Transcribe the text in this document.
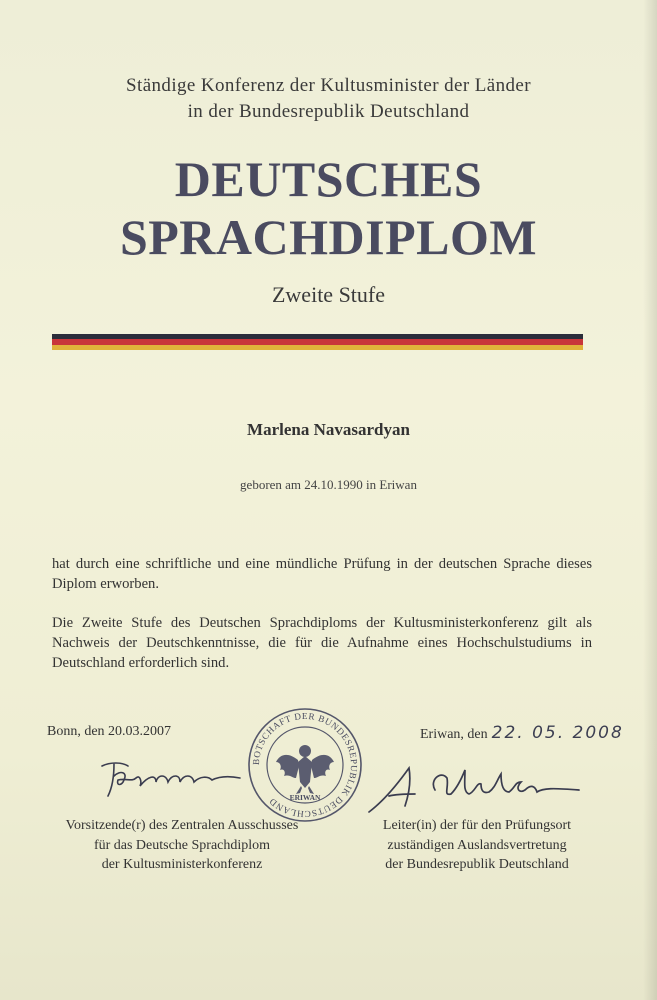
Ständige Konferenz der Kultusminister der Länder
in der Bundesrepublik Deutschland
DEUTSCHES
SPRACHDIPLOM
Zweite Stufe
Marlena Navasardyan
geboren am 24.10.1990 in Eriwan
hat durch eine schriftliche und eine mündliche Prüfung in der deutschen Sprache dieses Diplom erworben.
Die Zweite Stufe des Deutschen Sprachdiploms der Kultusministerkonferenz gilt als Nachweis der Deutschkenntnisse, die für die Aufnahme eines Hochschulstudiums in Deutschland erforderlich sind.
Bonn, den 20.03.2007	Eriwan, den 22. 05. 2008
BOTSCHAFT DER BUNDESREPUBLIK DEUTSCHLAND	ERIWAN
Vorsitzende(r) des Zentralen Ausschusses
für das Deutsche Sprachdiplom
der Kultusministerkonferenz
Leiter(in) der für den Prüfungsort
zuständigen Auslandsvertretung
der Bundesrepublik Deutschland
